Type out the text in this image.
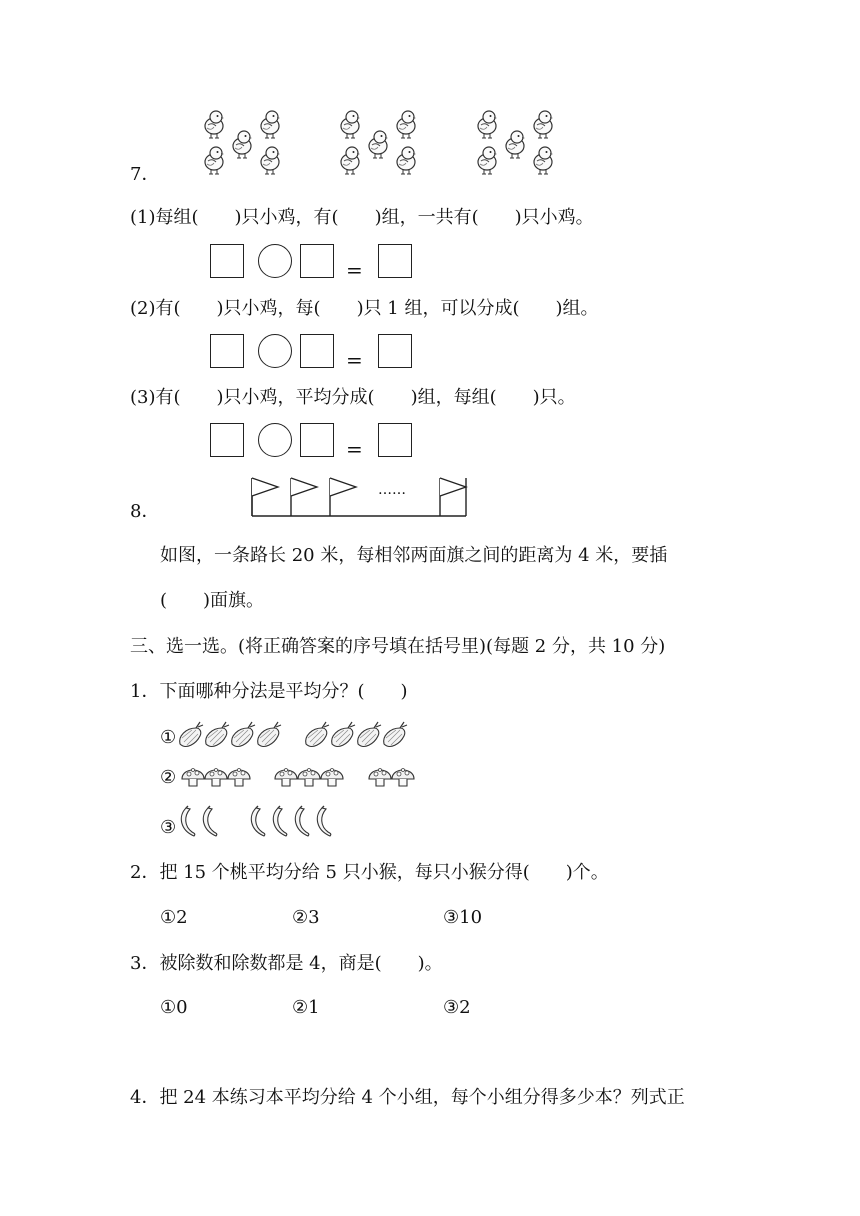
7．
(1)每组(　　)只小鸡，有(　　)组，一共有(　　)只小鸡。
=
(2)有(　　)只小鸡，每(　　)只 1 组，可以分成(　　)组。
=
(3)有(　　)只小鸡，平均分成(　　)组，每组(　　)只。
=
8．
……
如图，一条路长 20 米，每相邻两面旗之间的距离为 4 米，要插
(　　)面旗。
三、选一选。(将正确答案的序号填在括号里)(每题 2 分，共 10 分)
1．下面哪种分法是平均分？(　　)
①
②
③
2．把 15 个桃平均分给 5 只小猴，每只小猴分得(　　)个。
①2	②3	③10
3．被除数和除数都是 4，商是(　　)。
①0	②1	③2
4．把 24 本练习本平均分给 4 个小组，每个小组分得多少本？列式正
